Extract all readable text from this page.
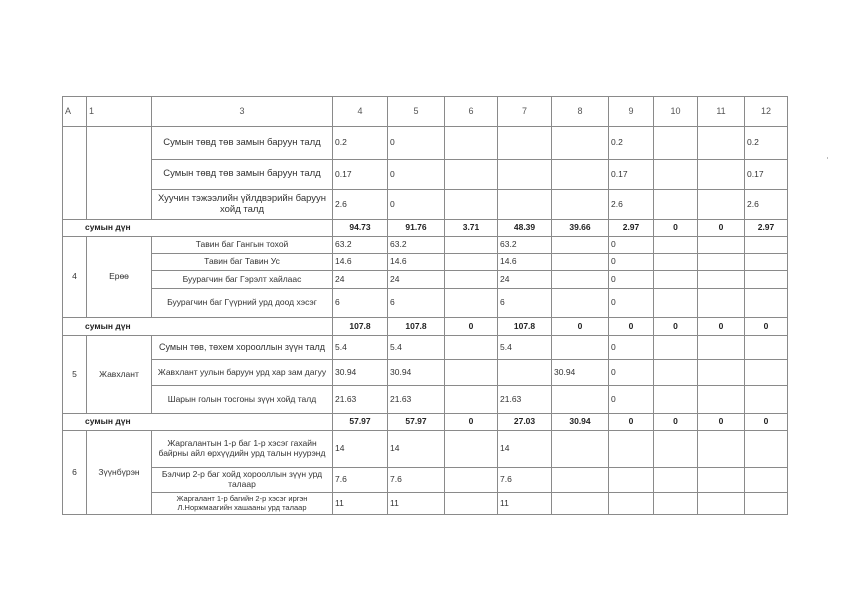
A	1	3	4	5	6	7	8	9	10	11	12
		Сумын төвд төв замын баруун талд	0.2	0				0.2			0.2
		Сумын төвд төв замын баруун талд	0.17	0				0.17			0.17
		Хуучин тэжээлийн үйлдвэрийн баруун хойд талд	2.6	0				2.6			2.6
сумын дүн			94.73	91.76	3.71	48.39	39.66	2.97	0	0	2.97
4	Ерөө	Тавин баг Гангын тохой	63.2	63.2		63.2		0			
		Тавин баг Тавин Ус	14.6	14.6		14.6		0			
		Буурагчин баг Гэрэлт хайлаас	24	24		24		0			
		Буурагчин баг Гүүрний урд доод хэсэг	6	6		6		0			
сумын дүн			107.8	107.8	0	107.8	0	0	0	0	0
5	Жавхлант	Сумын төв, төхем хорооллын зүүн талд	5.4	5.4		5.4		0			
		Жавхлант уулын баруун урд хар зам дагуу	30.94	30.94			30.94	0			
		Шарын голын тосгоны зүүн хойд талд	21.63	21.63		21.63		0			
сумын дүн			57.97	57.97	0	27.03	30.94	0	0	0	0
6	Зүүнбүрэн	Жаргалантын 1-р баг 1-р хэсэг гахайн байрны айл өрхүүдийн урд талын нуурэнд	14	14		14					
		Бэлчир 2-р баг хойд хорооллын зүүн урд талаар	7.6	7.6		7.6					
		Жаргалант 1-р багийн 2-р хэсэг иргэн Л.Норжмаагийн хашааны урд талаар	11	11		11					
